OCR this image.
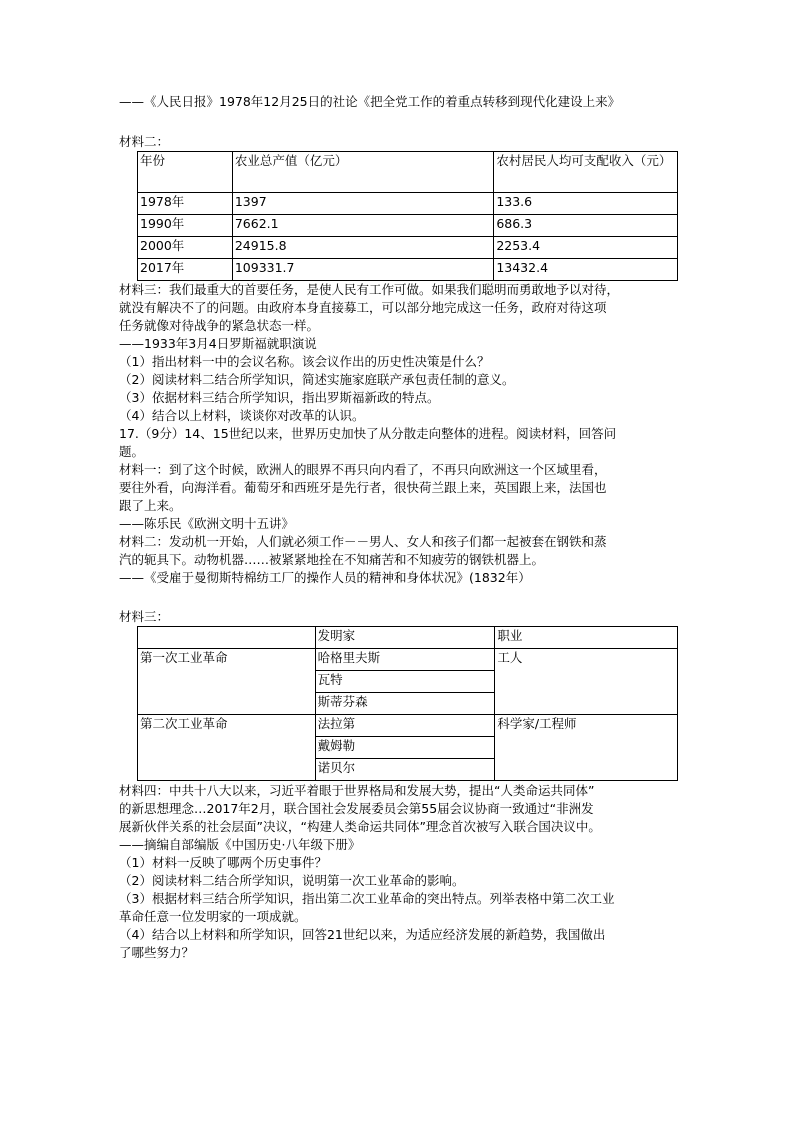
——《人民日报》1978年12月25日的社论《把全党工作的着重点转移到现代化建设上来》
材料二：
年份	农业总产值（亿元）	农村居民人均可支配收入（元）
1978年	1397	133.6
1990年	7662.1	686.3
2000年	24915.8	2253.4
2017年	109331.7	13432.4
材料三：我们最重大的首要任务，是使人民有工作可做。如果我们聪明而勇敢地予以对待，
就没有解决不了的问题。由政府本身直接募工，可以部分地完成这一任务，政府对待这项
任务就像对待战争的紧急状态一样。
——1933年3月4日罗斯福就职演说
（1）指出材料一中的会议名称。该会议作出的历史性决策是什么？
（2）阅读材料二结合所学知识，简述实施家庭联产承包责任制的意义。
（3）依据材料三结合所学知识，指出罗斯福新政的特点。
（4）结合以上材料，谈谈你对改革的认识。
17.（9分）14、15世纪以来，世界历史加快了从分散走向整体的进程。阅读材料，回答问
题。
材料一：到了这个时候，欧洲人的眼界不再只向内看了，不再只向欧洲这一个区域里看，
要往外看，向海洋看。葡萄牙和西班牙是先行者，很快荷兰跟上来，英国跟上来，法国也
跟了上来。
——陈乐民《欧洲文明十五讲》
材料二：发动机一开始，人们就必须工作－－男人、女人和孩子们都一起被套在钢铁和蒸
汽的轭具下。动物机器……被紧紧地拴在不知痛苦和不知疲劳的钢铁机器上。
——《受雇于曼彻斯特棉纺工厂的操作人员的精神和身体状况》(1832年）
材料三：
	发明家	职业
第一次工业革命	哈格里夫斯	工人
	瓦特	
	斯蒂芬森	
第二次工业革命	法拉第	科学家/工程师
	戴姆勒	
	诺贝尔	
材料四：中共十八大以来，习近平着眼于世界格局和发展大势，提出“人类命运共同体”
的新思想理念…2017年2月，联合国社会发展委员会第55届会议协商一致通过“非洲发
展新伙伴关系的社会层面”决议，“构建人类命运共同体”理念首次被写入联合国决议中。
——摘编自部编版《中国历史·八年级下册》
（1）材料一反映了哪两个历史事件？
（2）阅读材料二结合所学知识，说明第一次工业革命的影响。
（3）根据材料三结合所学知识，指出第二次工业革命的突出特点。列举表格中第二次工业
革命任意一位发明家的一项成就。
（4）结合以上材料和所学知识，回答21世纪以来，为适应经济发展的新趋势，我国做出
了哪些努力？
